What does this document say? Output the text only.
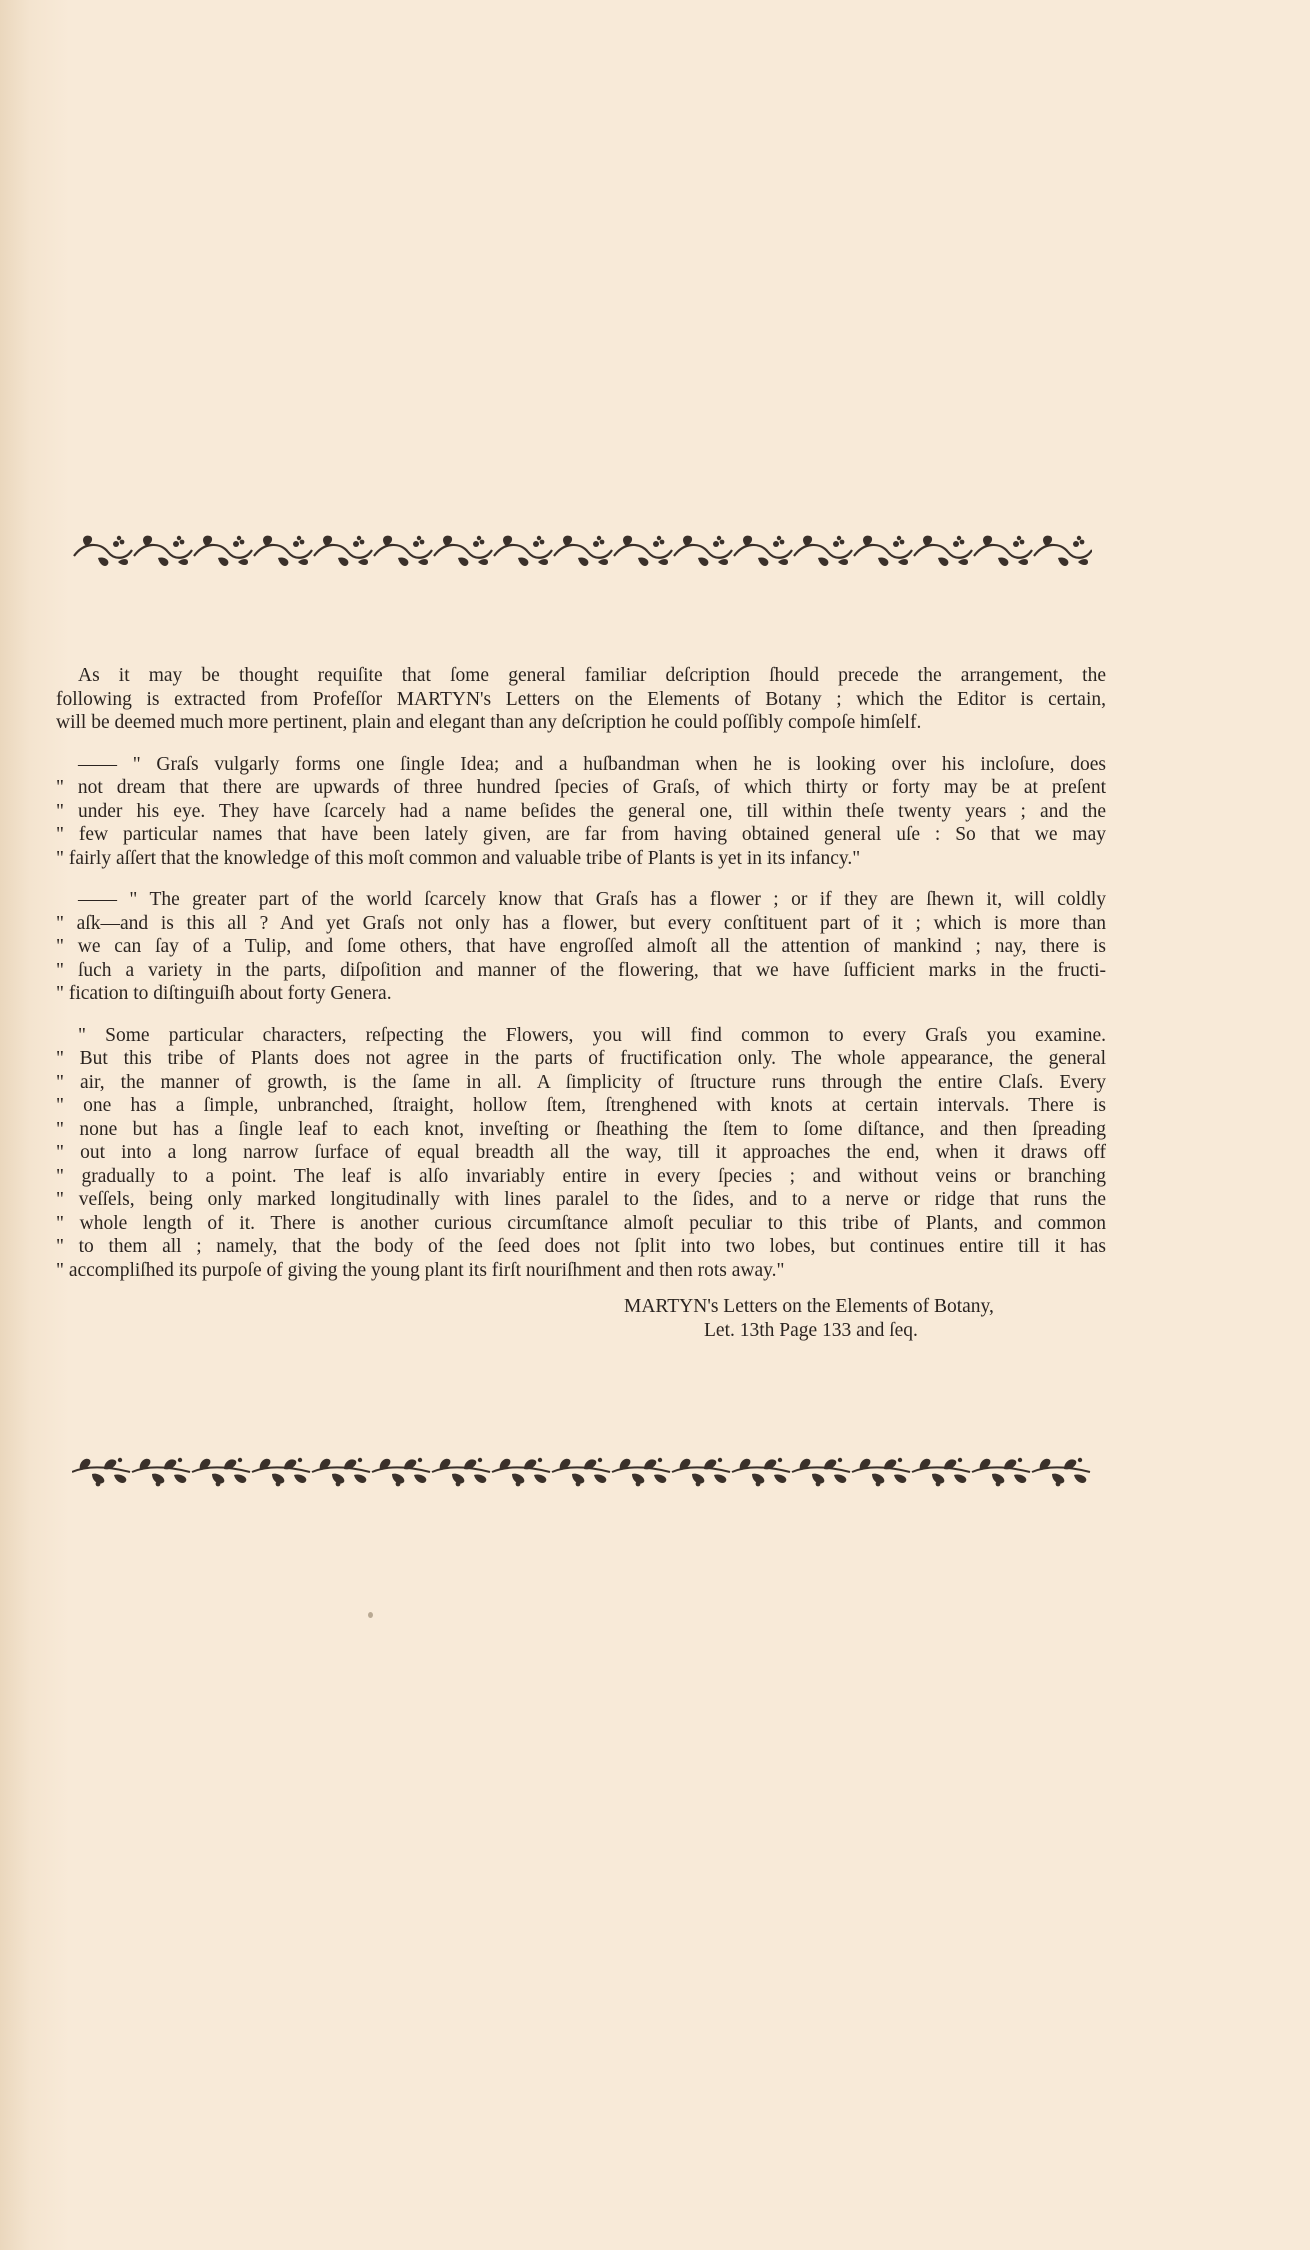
As it may be thought requiſite that ſome general familiar deſcription ſhould precede the arrangement, the
following is extracted from Profeſſor MARTYN's Letters on the Elements of Botany ; which the Editor is certain,
will be deemed much more pertinent, plain and elegant than any deſcription he could poſſibly compoſe himſelf.

—— " Graſs vulgarly forms one ſingle Idea; and a huſbandman when he is looking over his incloſure, does
" not dream that there are upwards of three hundred ſpecies of Graſs, of which thirty or forty may be at preſent
" under his eye. They have ſcarcely had a name beſides the general one, till within theſe twenty years ; and the
" few particular names that have been lately given, are far from having obtained general uſe : So that we may
" fairly aſſert that the knowledge of this moſt common and valuable tribe of Plants is yet in its infancy."

—— " The greater part of the world ſcarcely know that Graſs has a flower ; or if they are ſhewn it, will coldly
" aſk—and is this all ? And yet Graſs not only has a flower, but every conſtituent part of it ; which is more than
" we can ſay of a Tulip, and ſome others, that have engroſſed almoſt all the attention of mankind ; nay, there is
" ſuch a variety in the parts, diſpoſition and manner of the flowering, that we have ſufficient marks in the fructi-
" fication to diſtinguiſh about forty Genera.

" Some particular characters, reſpecting the Flowers, you will find common to every Graſs you examine.
" But this tribe of Plants does not agree in the parts of fructification only. The whole appearance, the general
" air, the manner of growth, is the ſame in all. A ſimplicity of ſtructure runs through the entire Claſs. Every
" one has a ſimple, unbranched, ſtraight, hollow ſtem, ſtrenghened with knots at certain intervals. There is
" none but has a ſingle leaf to each knot, inveſting or ſheathing the ſtem to ſome diſtance, and then ſpreading
" out into a long narrow ſurface of equal breadth all the way, till it approaches the end, when it draws off
" gradually to a point. The leaf is alſo invariably entire in every ſpecies ; and without veins or branching
" veſſels, being only marked longitudinally with lines paralel to the ſides, and to a nerve or ridge that runs the
" whole length of it. There is another curious circumſtance almoſt peculiar to this tribe of Plants, and common
" to them all ; namely, that the body of the ſeed does not ſplit into two lobes, but continues entire till it has
" accompliſhed its purpoſe of giving the young plant its firſt nouriſhment and then rots away."

MARTYN's Letters on the Elements of Botany,
Let. 13th Page 133 and ſeq.
